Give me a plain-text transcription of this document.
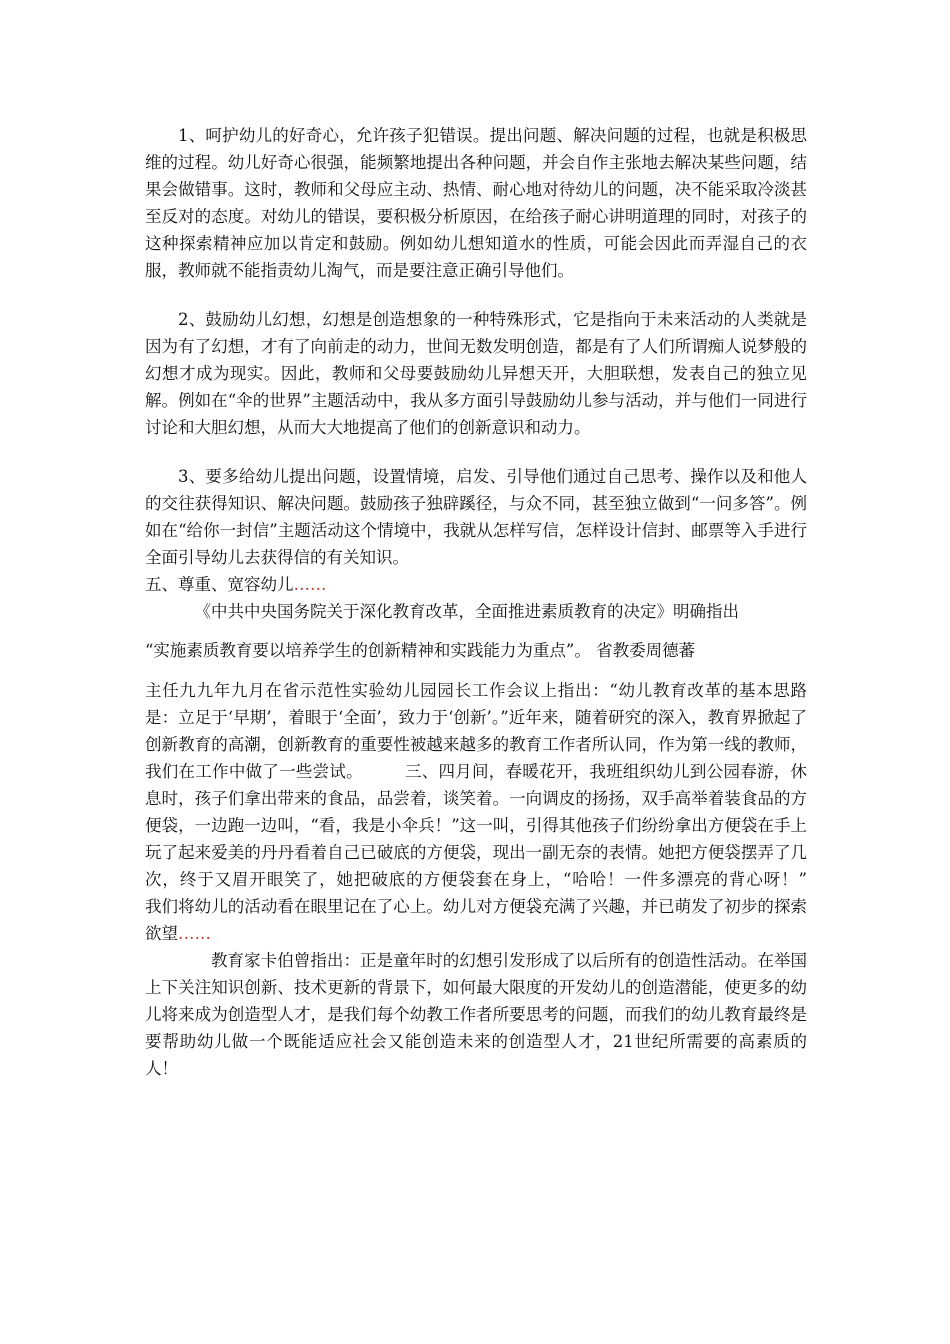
1、呵护幼儿的好奇心，允许孩子犯错误。提出问题、解决问题的过程，也就是积极思维的过程。幼儿好奇心很强，能频繁地提出各种问题，并会自作主张地去解决某些问题，结果会做错事。这时，教师和父母应主动、热情、耐心地对待幼儿的问题，决不能采取冷淡甚至反对的态度。对幼儿的错误，要积极分析原因，在给孩子耐心讲明道理的同时，对孩子的这种探索精神应加以肯定和鼓励。例如幼儿想知道水的性质，可能会因此而弄湿自己的衣服，教师就不能指责幼儿淘气，而是要注意正确引导他们。

2、鼓励幼儿幻想，幻想是创造想象的一种特殊形式，它是指向于未来活动的人类就是因为有了幻想，才有了向前走的动力，世间无数发明创造，都是有了人们所谓痴人说梦般的幻想才成为现实。因此，教师和父母要鼓励幼儿异想天开，大胆联想，发表自己的独立见解。例如在“伞的世界”主题活动中，我从多方面引导鼓励幼儿参与活动，并与他们一同进行讨论和大胆幻想，从而大大地提高了他们的创新意识和动力。

3、要多给幼儿提出问题，设置情境，启发、引导他们通过自己思考、操作以及和他人的交往获得知识、解决问题。鼓励孩子独辟蹊径，与众不同，甚至独立做到“一问多答”。例如在“给你一封信”主题活动这个情境中，我就从怎样写信，怎样设计信封、邮票等入手进行全面引导幼儿去获得信的有关知识。

五、尊重、宽容幼儿……

《中共中央国务院关于深化教育改革，全面推进素质教育的决定》明确指出

“实施素质教育要以培养学生的创新精神和实践能力为重点”。 省教委周德蕃

主任九九年九月在省示范性实验幼儿园园长工作会议上指出：“幼儿教育改革的基本思路是：立足于‘早期’，着眼于‘全面’，致力于‘创新’。”近年来，随着研究的深入，教育界掀起了创新教育的高潮，创新教育的重要性被越来越多的教育工作者所认同，作为第一线的教师，我们在工作中做了一些尝试。　　　三、四月间，春暖花开，我班组织幼儿到公园春游，休息时，孩子们拿出带来的食品，品尝着，谈笑着。一向调皮的扬扬，双手高举着装食品的方便袋，一边跑一边叫，“看，我是小伞兵！”这一叫，引得其他孩子们纷纷拿出方便袋在手上玩了起来爱美的丹丹看着自己已破底的方便袋，现出一副无奈的表情。她把方便袋摆弄了几次，终于又眉开眼笑了，她把破底的方便袋套在身上，“哈哈！一件多漂亮的背心呀！”　　　　我们将幼儿的活动看在眼里记在了心上。幼儿对方便袋充满了兴趣，并已萌发了初步的探索欲望……

教育家卡伯曾指出：正是童年时的幻想引发形成了以后所有的创造性活动。在举国上下关注知识创新、技术更新的背景下，如何最大限度的开发幼儿的创造潜能，使更多的幼儿将来成为创造型人才，是我们每个幼教工作者所要思考的问题，而我们的幼儿教育最终是要帮助幼儿做一个既能适应社会又能创造未来的创造型人才，21世纪所需要的高素质的人！
